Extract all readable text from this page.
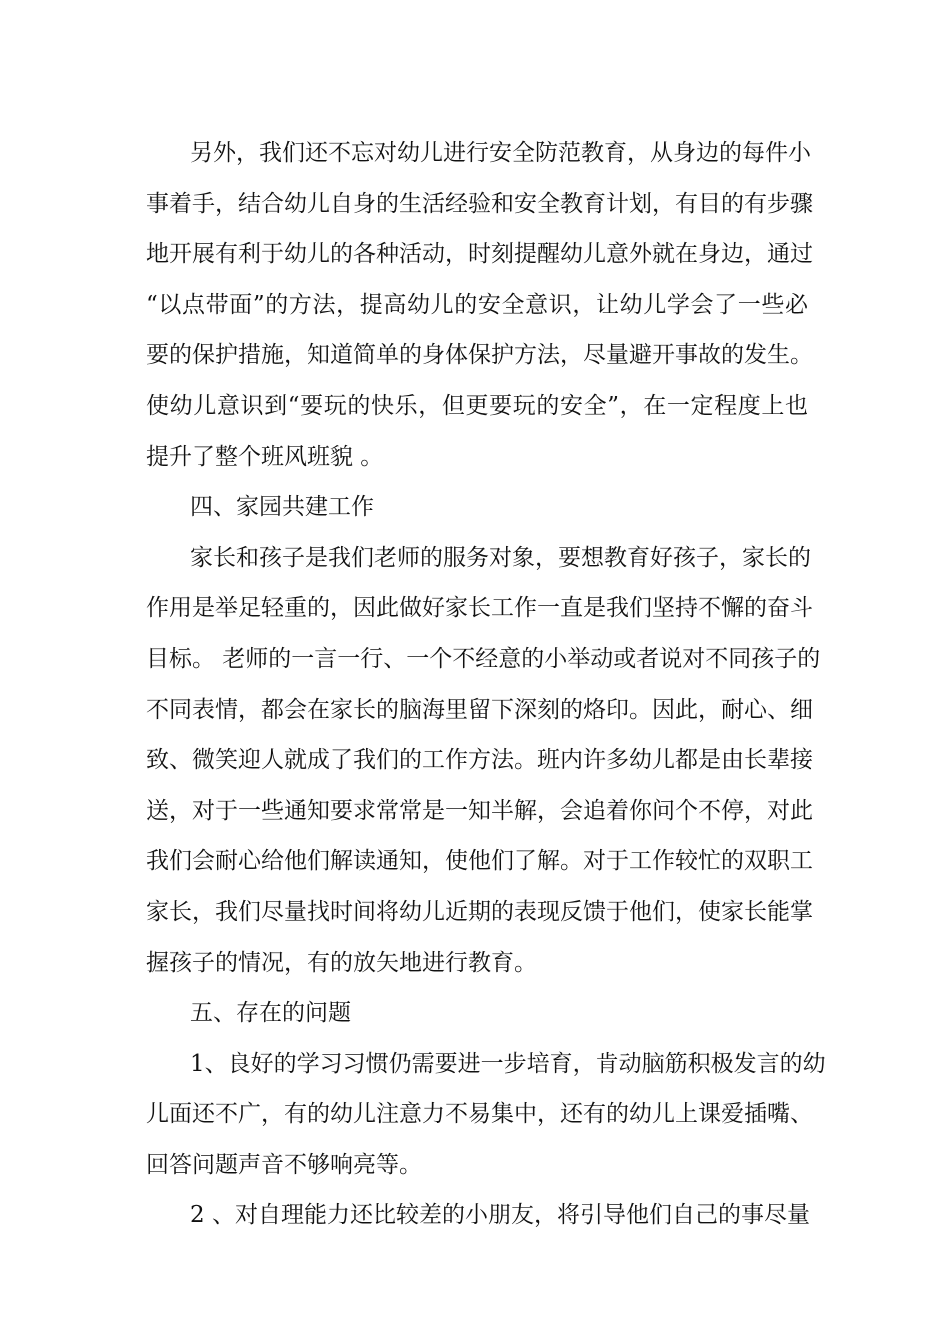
另外，我们还不忘对幼儿进行安全防范教育，从身边的每件小
事着手，结合幼儿自身的生活经验和安全教育计划，有目的有步骤
地开展有利于幼儿的各种活动，时刻提醒幼儿意外就在身边，通过
“以点带面”的方法，提高幼儿的安全意识，让幼儿学会了一些必
要的保护措施，知道简单的身体保护方法，尽量避开事故的发生。
使幼儿意识到“要玩的快乐，但更要玩的安全”，在一定程度上也
提升了整个班风班貌 。
四、家园共建工作
家长和孩子是我们老师的服务对象，要想教育好孩子，家长的
作用是举足轻重的，因此做好家长工作一直是我们坚持不懈的奋斗
目标。 老师的一言一行、一个不经意的小举动或者说对不同孩子的
不同表情，都会在家长的脑海里留下深刻的烙印。因此，耐心、细
致、微笑迎人就成了我们的工作方法。班内许多幼儿都是由长辈接
送，对于一些通知要求常常是一知半解，会追着你问个不停，对此
我们会耐心给他们解读通知，使他们了解。对于工作较忙的双职工
家长，我们尽量找时间将幼儿近期的表现反馈于他们，使家长能掌
握孩子的情况，有的放矢地进行教育。
五、存在的问题
1、良好的学习习惯仍需要进一步培育，肯动脑筋积极发言的幼
儿面还不广，有的幼儿注意力不易集中，还有的幼儿上课爱插嘴、
回答问题声音不够响亮等。
2 、对自理能力还比较差的小朋友，将引导他们自己的事尽量
